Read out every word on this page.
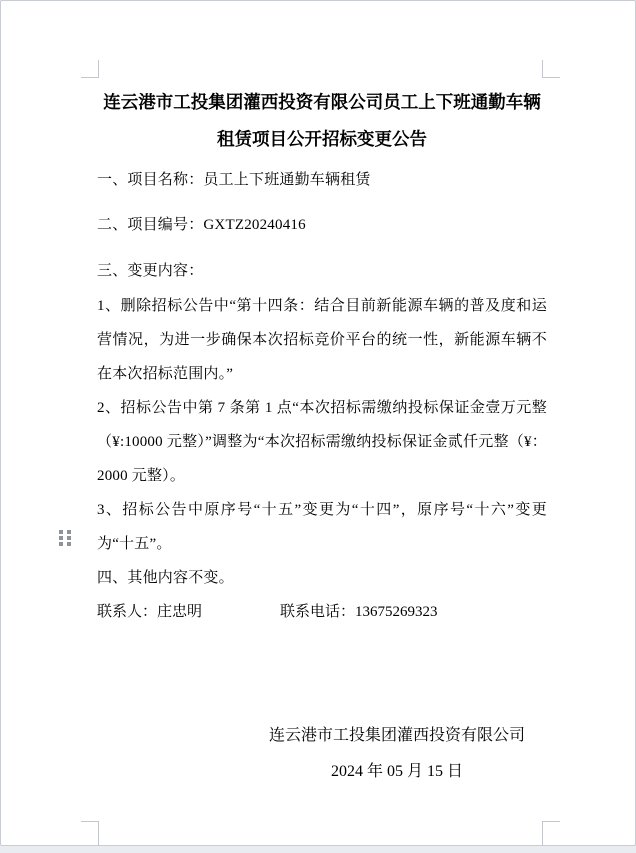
连云港市工投集团灌西投资有限公司员工上下班通勤车辆
租赁项目公开招标变更公告

一、项目名称：员工上下班通勤车辆租赁

二、项目编号：GXTZ20240416

三、变更内容：

1、删除招标公告中“第十四条：结合目前新能源车辆的普及度和运营情况，为进一步确保本次招标竞价平台的统一性，新能源车辆不在本次招标范围内。”

2、招标公告中第 7 条第 1 点“本次招标需缴纳投标保证金壹万元整（¥:10000 元整）”调整为“本次招标需缴纳投标保证金贰仟元整（¥：2000 元整）。

3、招标公告中原序号“十五”变更为“十四”，原序号“十六”变更为“十五”。

四、其他内容不变。

联系人：庄忠明	联系电话：13675269323
连云港市工投集团灌西投资有限公司
2024 年 05 月 15 日
